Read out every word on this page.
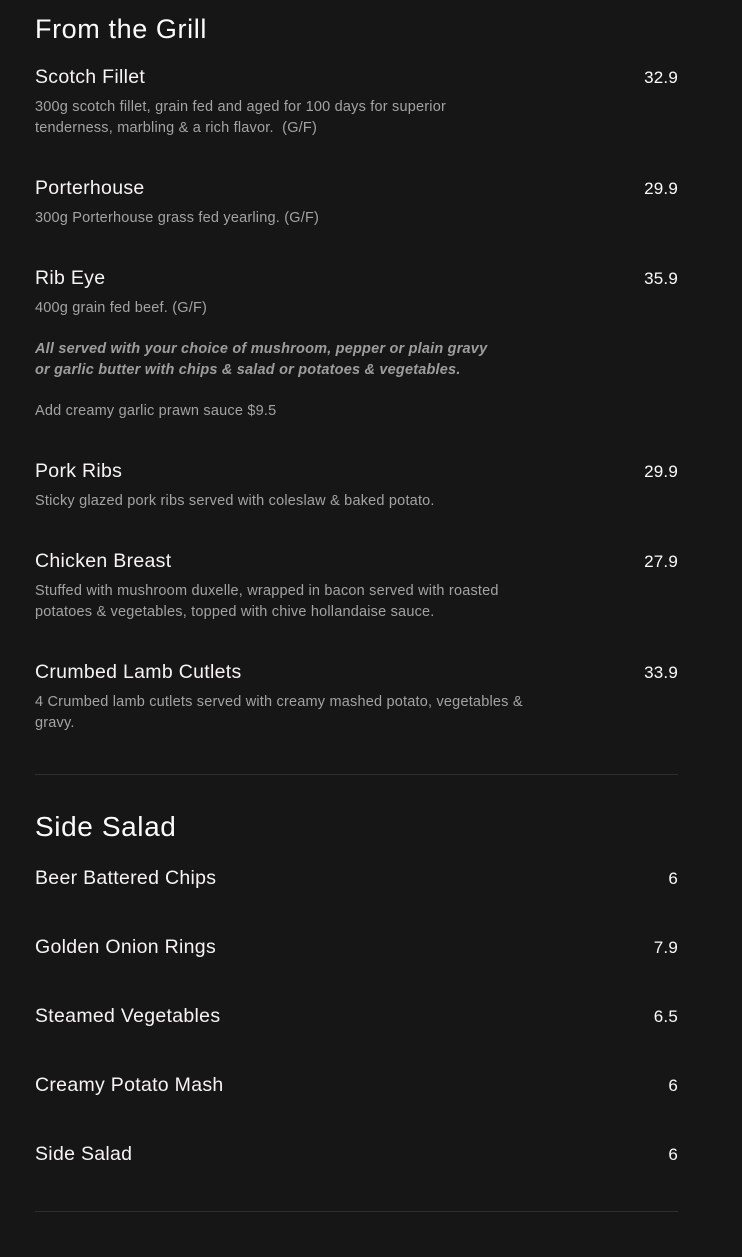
From the Grill
Scotch Fillet	32.9

300g scotch fillet, grain fed and aged for 100 days for superior tenderness, marbling & a rich flavor.  (G/F)

Porterhouse	29.9

300g Porterhouse grass fed yearling. (G/F)

Rib Eye	35.9

400g grain fed beef. (G/F)

All served with your choice of mushroom, pepper or plain gravy or garlic butter with chips & salad or potatoes & vegetables.

Add creamy garlic prawn sauce $9.5

Pork Ribs	29.9

Sticky glazed pork ribs served with coleslaw & baked potato.

Chicken Breast	27.9

Stuffed with mushroom duxelle, wrapped in bacon served with roasted potatoes & vegetables, topped with chive hollandaise sauce.

Crumbed Lamb Cutlets	33.9

4 Crumbed lamb cutlets served with creamy mashed potato, vegetables & gravy.

Side Salad
Beer Battered Chips	6
Golden Onion Rings	7.9
Steamed Vegetables	6.5
Creamy Potato Mash	6
Side Salad	6
